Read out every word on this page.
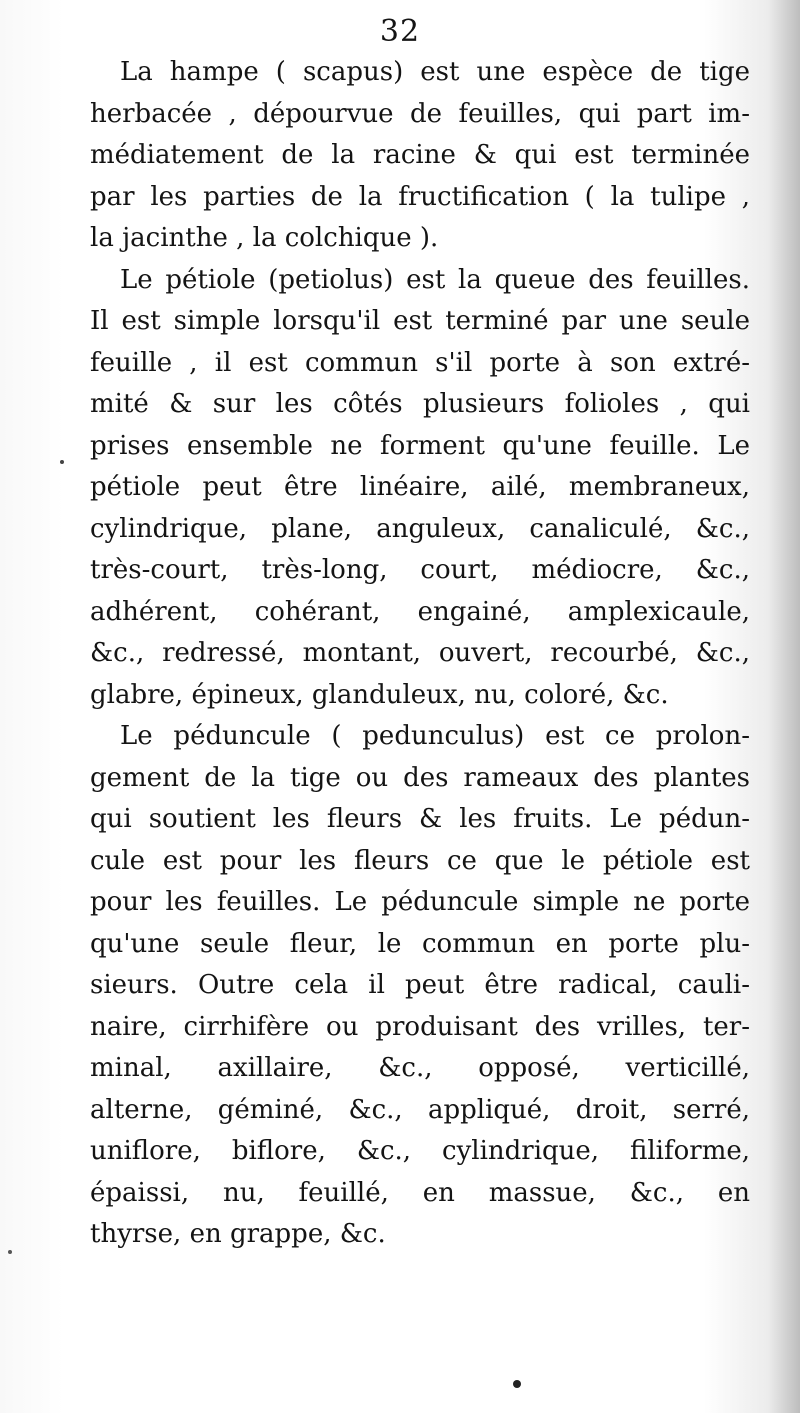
32
La hampe ( scapus) est une espèce de tige
herbacée , dépourvue de feuilles, qui part im-
médiatement de la racine & qui est terminée
par les parties de la fructification ( la tulipe ,
la jacinthe , la colchique ).
Le pétiole (petiolus) est la queue des feuilles.
Il est simple lorsqu'il est terminé par une seule
feuille , il est commun s'il porte à son extré-
mité & sur les côtés plusieurs folioles , qui
prises ensemble ne forment qu'une feuille. Le
pétiole peut être linéaire, ailé, membraneux,
cylindrique, plane, anguleux, canaliculé, &c.,
très-court, très-long, court, médiocre, &c.,
adhérent, cohérant, engainé, amplexicaule,
&c., redressé, montant, ouvert, recourbé, &c.,
glabre, épineux, glanduleux, nu, coloré, &c.
Le péduncule ( pedunculus) est ce prolon-
gement de la tige ou des rameaux des plantes
qui soutient les fleurs & les fruits. Le pédun-
cule est pour les fleurs ce que le pétiole est
pour les feuilles. Le péduncule simple ne porte
qu'une seule fleur, le commun en porte plu-
sieurs. Outre cela il peut être radical, cauli-
naire, cirrhifère ou produisant des vrilles, ter-
minal, axillaire, &c., opposé, verticillé,
alterne, géminé, &c., appliqué, droit, serré,
uniflore, biflore, &c., cylindrique, filiforme,
épaissi, nu, feuillé, en massue, &c., en
thyrse, en grappe, &c.
